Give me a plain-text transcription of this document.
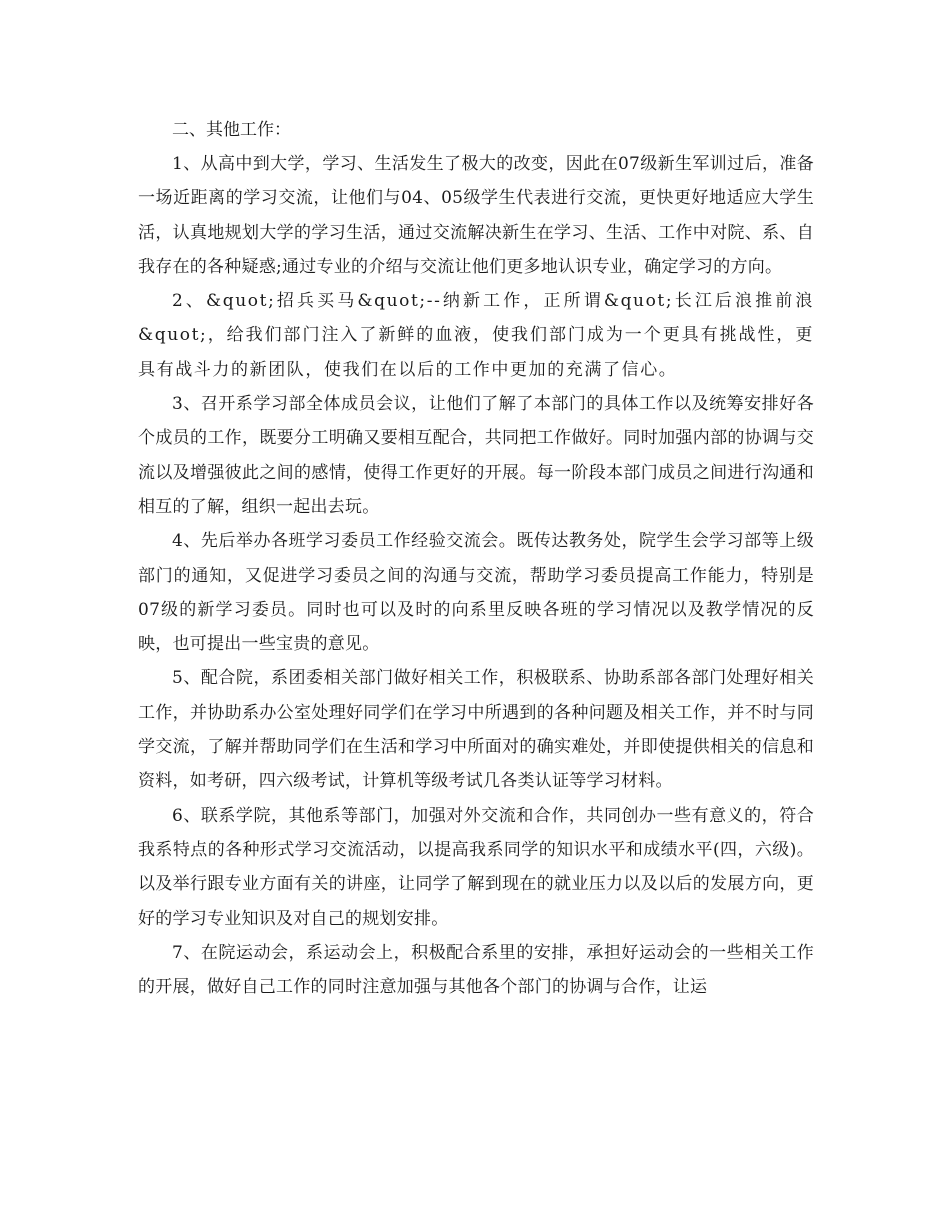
二、其他工作：

1、从高中到大学，学习、生活发生了极大的改变，因此在07级新生军训过后，准备一场近距离的学习交流，让他们与04、05级学生代表进行交流，更快更好地适应大学生活，认真地规划大学的学习生活，通过交流解决新生在学习、生活、工作中对院、系、自我存在的各种疑惑;通过专业的介绍与交流让他们更多地认识专业，确定学习的方向。

2、&quot;招兵买马&quot;--纳新工作，正所谓&quot;长江后浪推前浪&quot;，给我们部门注入了新鲜的血液，使我们部门成为一个更具有挑战性，更具有战斗力的新团队，使我们在以后的工作中更加的充满了信心。

3、召开系学习部全体成员会议，让他们了解了本部门的具体工作以及统筹安排好各个成员的工作，既要分工明确又要相互配合，共同把工作做好。同时加强内部的协调与交流以及增强彼此之间的感情，使得工作更好的开展。每一阶段本部门成员之间进行沟通和相互的了解，组织一起出去玩。

4、先后举办各班学习委员工作经验交流会。既传达教务处，院学生会学习部等上级部门的通知，又促进学习委员之间的沟通与交流，帮助学习委员提高工作能力，特别是07级的新学习委员。同时也可以及时的向系里反映各班的学习情况以及教学情况的反映，也可提出一些宝贵的意见。

5、配合院，系团委相关部门做好相关工作，积极联系、协助系部各部门处理好相关工作，并协助系办公室处理好同学们在学习中所遇到的各种问题及相关工作，并不时与同学交流，了解并帮助同学们在生活和学习中所面对的确实难处，并即使提供相关的信息和资料，如考研，四六级考试，计算机等级考试几各类认证等学习材料。

6、联系学院，其他系等部门，加强对外交流和合作，共同创办一些有意义的，符合我系特点的各种形式学习交流活动，以提高我系同学的知识水平和成绩水平(四，六级)。以及举行跟专业方面有关的讲座，让同学了解到现在的就业压力以及以后的发展方向，更好的学习专业知识及对自己的规划安排。

7、在院运动会，系运动会上，积极配合系里的安排，承担好运动会的一些相关工作的开展，做好自己工作的同时注意加强与其他各个部门的协调与合作，让运
